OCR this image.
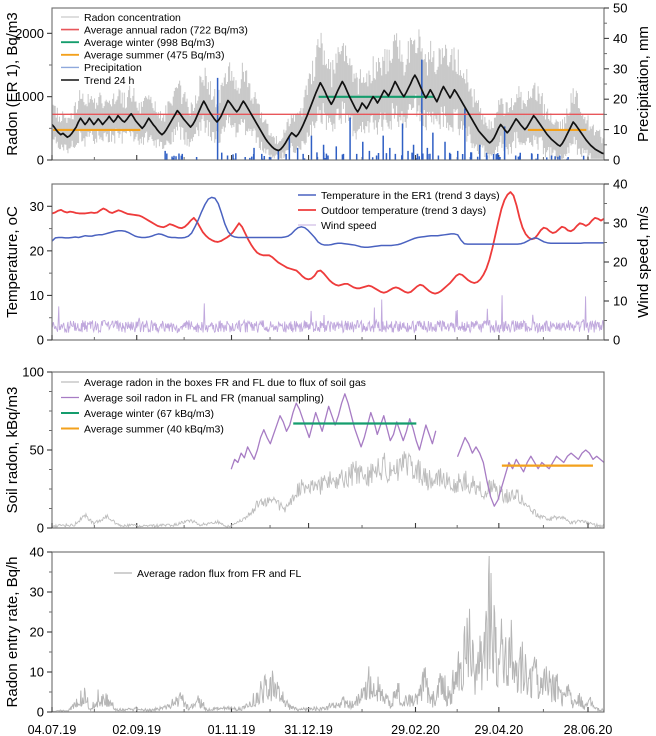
0
1000
2000
0
10
20
30
40
50
Radon (ER 1), Bq/m3	Precipitation, mm
0
10
20
30
0
10
20
30
40
Temperature, oC	Wind speed, m/s
0
50
100
Soil radon, kBq/m3
0
10
20
30
40
04.07.19	02.09.19	01.11.19 31.12.19	29.02.20	29.04.20	28.06.20
Radon entry rate, Bq/h
Radon concentration
Average annual radon (722 Bq/m3)
Average winter (998 Bq/m3)
Average summer (475 Bq/m3)
Precipitation
Trend 24 h
Temperature in the ER1 (trend 3 days)
Outdoor temperature (trend 3 days)
Wind speed
Average radon in the boxes FR and FL due to flux of soil gas
Average soil radon in FL and FR (manual sampling)
Average winter (67 kBq/m3)
Average summer (40 kBq/m3)
Average radon flux from FR and FL
